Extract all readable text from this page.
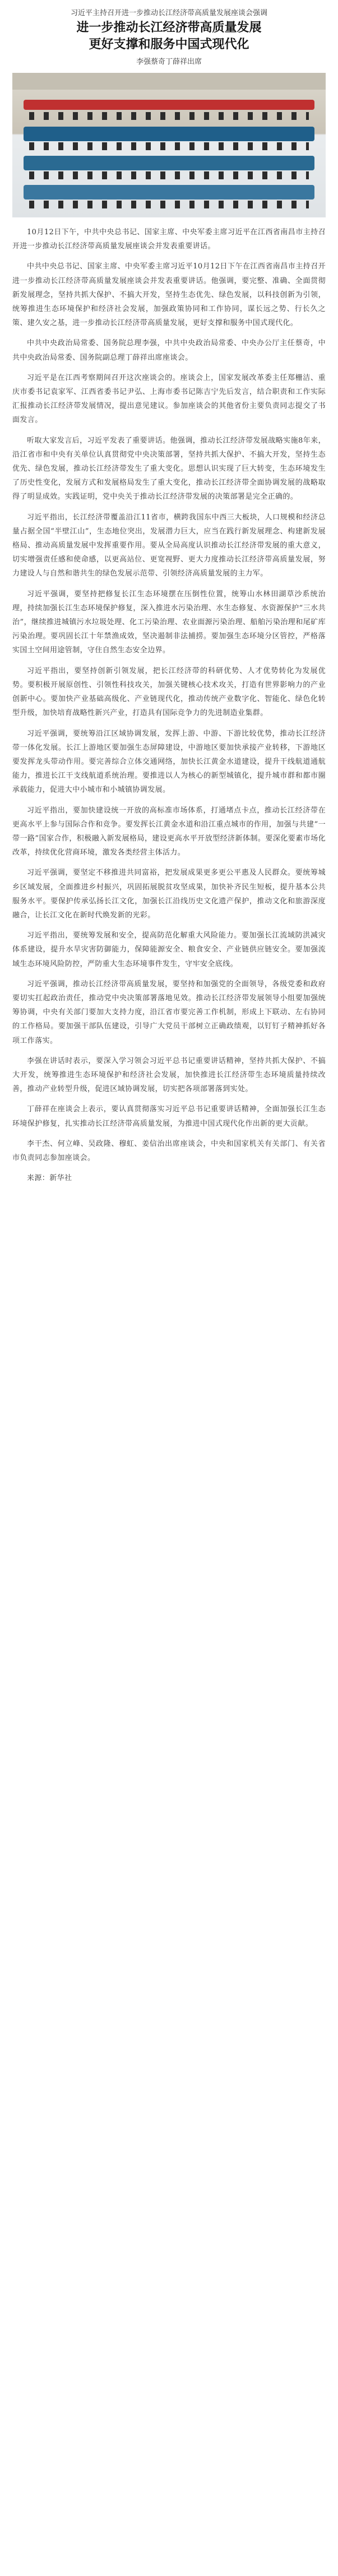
习近平主持召开进一步推动长江经济带高质量发展座谈会强调

进一步推动长江经济带高质量发展

更好支撑和服务中国式现代化

李强蔡奇丁薛祥出席

10月12日下午，中共中央总书记、国家主席、中央军委主席习近平在江西省南昌市主持召开进一步推动长江经济带高质量发展座谈会并发表重要讲话。

中共中央总书记、国家主席、中央军委主席习近平10月12日下午在江西省南昌市主持召开进一步推动长江经济带高质量发展座谈会并发表重要讲话。他强调，要完整、准确、全面贯彻新发展理念，坚持共抓大保护、不搞大开发，坚持生态优先、绿色发展，以科技创新为引领，统筹推进生态环境保护和经济社会发展，加强政策协同和工作协同，谋长远之势、行长久之策、建久安之基，进一步推动长江经济带高质量发展，更好支撑和服务中国式现代化。

中共中央政治局常委、国务院总理李强，中共中央政治局常委、中央办公厅主任蔡奇，中共中央政治局常委、国务院副总理丁薛祥出席座谈会。

习近平是在江西考察期间召开这次座谈会的。座谈会上，国家发展改革委主任郑栅洁、重庆市委书记袁家军、江西省委书记尹弘、上海市委书记陈吉宁先后发言，结合职责和工作实际汇报推动长江经济带发展情况，提出意见建议。参加座谈会的其他省份主要负责同志提交了书面发言。

听取大家发言后，习近平发表了重要讲话。他强调，推动长江经济带发展战略实施8年来，沿江省市和中央有关单位认真贯彻党中央决策部署，坚持共抓大保护、不搞大开发，坚持生态优先、绿色发展，推动长江经济带发生了重大变化。思想认识实现了巨大转变，生态环境发生了历史性变化，发展方式和发展格局发生了重大变化，推动长江经济带全面协调发展的战略取得了明显成效。实践证明，党中央关于推动长江经济带发展的决策部署是完全正确的。

习近平指出，长江经济带覆盖沿江11省市，横跨我国东中西三大板块，人口规模和经济总量占据全国“半壁江山”，生态地位突出，发展潜力巨大，应当在践行新发展理念、构建新发展格局、推动高质量发展中发挥重要作用。要从全局高度认识推动长江经济带发展的重大意义，切实增强责任感和使命感，以更高站位、更宽视野、更大力度推动长江经济带高质量发展，努力建设人与自然和谐共生的绿色发展示范带、引领经济高质量发展的主力军。

习近平强调，要坚持把修复长江生态环境摆在压倒性位置，统筹山水林田湖草沙系统治理，持续加强长江生态环境保护修复，深入推进水污染治理、水生态修复、水资源保护“三水共治”，继续推进城镇污水垃圾处理、化工污染治理、农业面源污染治理、船舶污染治理和尾矿库污染治理。要巩固长江十年禁渔成效，坚决遏制非法捕捞。要加强生态环境分区管控，严格落实国土空间用途管制，守住自然生态安全边界。

习近平指出，要坚持创新引领发展，把长江经济带的科研优势、人才优势转化为发展优势。要积极开展原创性、引领性科技攻关，加强关键核心技术攻关，打造有世界影响力的产业创新中心。要加快产业基础高级化、产业链现代化，推动传统产业数字化、智能化、绿色化转型升级，加快培育战略性新兴产业，打造具有国际竞争力的先进制造业集群。

习近平强调，要统筹沿江区域协调发展，发挥上游、中游、下游比较优势，推动长江经济带一体化发展。长江上游地区要加强生态屏障建设，中游地区要加快承接产业转移，下游地区要发挥龙头带动作用。要完善综合立体交通网络，加快长江黄金水道建设，提升干线航道通航能力，推进长江干支线航道系统治理。要推进以人为核心的新型城镇化，提升城市群和都市圈承载能力，促进大中小城市和小城镇协调发展。

习近平指出，要加快建设统一开放的高标准市场体系，打通堵点卡点，推动长江经济带在更高水平上参与国际合作和竞争。要发挥长江黄金水道和沿江重点城市的作用，加强与共建“一带一路”国家合作，积极融入新发展格局，建设更高水平开放型经济新体制。要深化要素市场化改革，持续优化营商环境，激发各类经营主体活力。

习近平强调，要坚定不移推进共同富裕，把发展成果更多更公平惠及人民群众。要统筹城乡区域发展，全面推进乡村振兴，巩固拓展脱贫攻坚成果，加快补齐民生短板，提升基本公共服务水平。要保护传承弘扬长江文化，加强长江沿线历史文化遗产保护，推动文化和旅游深度融合，让长江文化在新时代焕发新的光彩。

习近平指出，要统筹发展和安全，提高防范化解重大风险能力。要加强长江流域防洪减灾体系建设，提升水旱灾害防御能力，保障能源安全、粮食安全、产业链供应链安全。要加强流域生态环境风险防控，严防重大生态环境事件发生，守牢安全底线。

习近平强调，推动长江经济带高质量发展，要坚持和加强党的全面领导，各级党委和政府要切实扛起政治责任，推动党中央决策部署落地见效。推动长江经济带发展领导小组要加强统筹协调，中央有关部门要加大支持力度，沿江省市要完善工作机制，形成上下联动、左右协同的工作格局。要加强干部队伍建设，引导广大党员干部树立正确政绩观，以钉钉子精神抓好各项工作落实。

李强在讲话时表示，要深入学习领会习近平总书记重要讲话精神，坚持共抓大保护、不搞大开发，统筹推进生态环境保护和经济社会发展，加快推进长江经济带生态环境质量持续改善，推动产业转型升级，促进区域协调发展，切实把各项部署落到实处。

丁薛祥在座谈会上表示，要认真贯彻落实习近平总书记重要讲话精神，全面加强长江生态环境保护修复，扎实推动长江经济带高质量发展，为推进中国式现代化作出新的更大贡献。

李干杰、何立峰、吴政隆、穆虹、姜信治出席座谈会，中央和国家机关有关部门、有关省市负责同志参加座谈会。

来源：新华社
